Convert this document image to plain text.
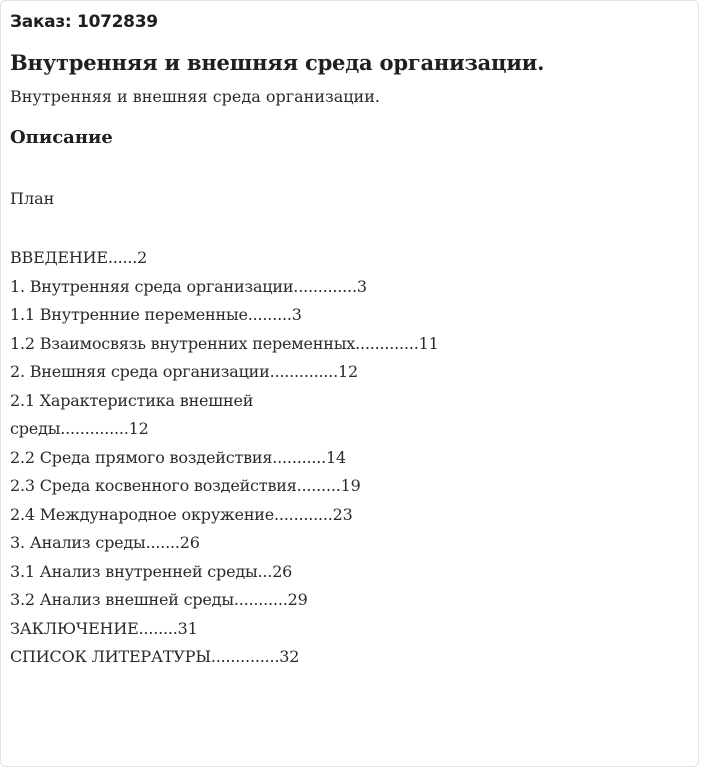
Заказ: 1072839
Внутренняя и внешняя среда организации.
Внутренняя и внешняя среда организации.
Описание
План
ВВЕДЕНИЕ......2
1. Внутренняя среда организации.............3
1.1 Внутренние переменные.........3
1.2 Взаимосвязь внутренних переменных.............11
2. Внешняя среда организации..............12
2.1 Характеристика внешней
среды..............12
2.2 Среда прямого воздействия...........14
2.3 Среда косвенного воздействия.........19
2.4 Международное окружение............23
3. Анализ среды.......26
3.1 Анализ внутренней среды...26
3.2 Анализ внешней среды...........29
ЗАКЛЮЧЕНИЕ........31
СПИСОК ЛИТЕРАТУРЫ..............32
